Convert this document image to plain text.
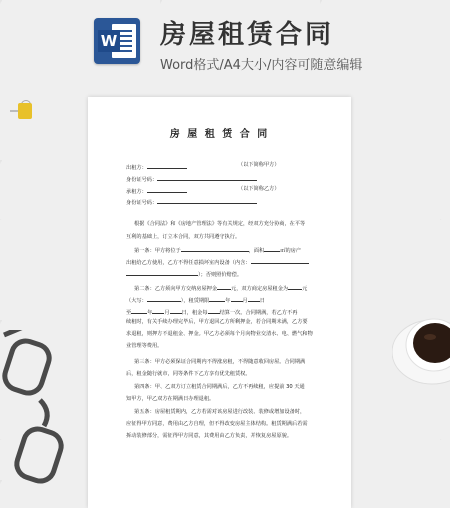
W 房屋租赁合同
Word格式/A4大小/内容可随意编辑
房 屋 租 赁 合 同
出租方：	（以下简称甲方）
身份证号码：
承租方：	（以下简称乙方）
身份证号码：
根据《合同法》和《房地产管理法》等有关规定，经双方充分协商，在平等
互利的基础上，订立本合同，双方共同遵守执行。
第一条：甲方将位于	，面积	㎡的房产
出租给乙方使用，乙方不得任意损坏室内设备（内含：
）；否则照价赔偿。
第二条：乙方须向甲方交纳房屋押金	元，双方商定房屋租金为	元
（大写：	），租赁期限	年 月 日
至	年 月 日，租金每 结算一次。合同期满，若乙方不再
续租时，有关手续办理完毕后，甲方退回乙方所剩押金，若合同期未满，乙方要
求退租，则押方不退租金、押金。甲乙方必须每个月向物业交清水、电、燃气和物
业管理等费用。
第三条：甲方必须保证合同期内不得涨房租，不得随意收回房屋。合同期满
后，租金随行就市，同等条件下乙方享有优先租赁权。
第四条：甲、乙双方订立租赁合同期满后，乙方不再续租，应提前 30 天通
知甲方，甲乙双方在期满日办理退租。
第五条：房屋租赁期内，乙方若需对该房屋进行改装、装修或增加设备时，
应征得甲方同意，费用由乙方自理，但不得改变房屋主体结构。租赁期满后若需
拆动装修部分，需征得甲方同意，其费用由乙方负责，并恢复房屋原貌。
